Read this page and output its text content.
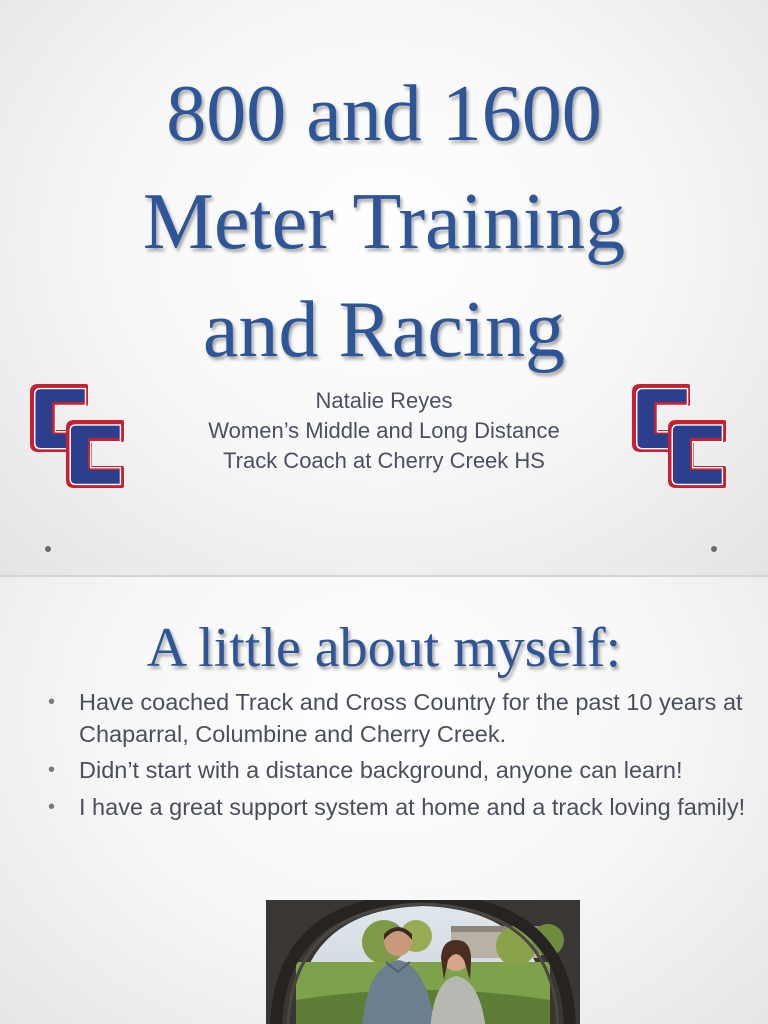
800 and 1600
Meter Training
and Racing
Natalie Reyes
Women’s Middle and Long Distance
Track Coach at Cherry Creek HS
A little about myself:
• Have coached Track and Cross Country for the past 10 years at Chaparral, Columbine and Cherry Creek.
• Didn’t start with a distance background, anyone can learn!
• I have a great support system at home and a track loving family!
